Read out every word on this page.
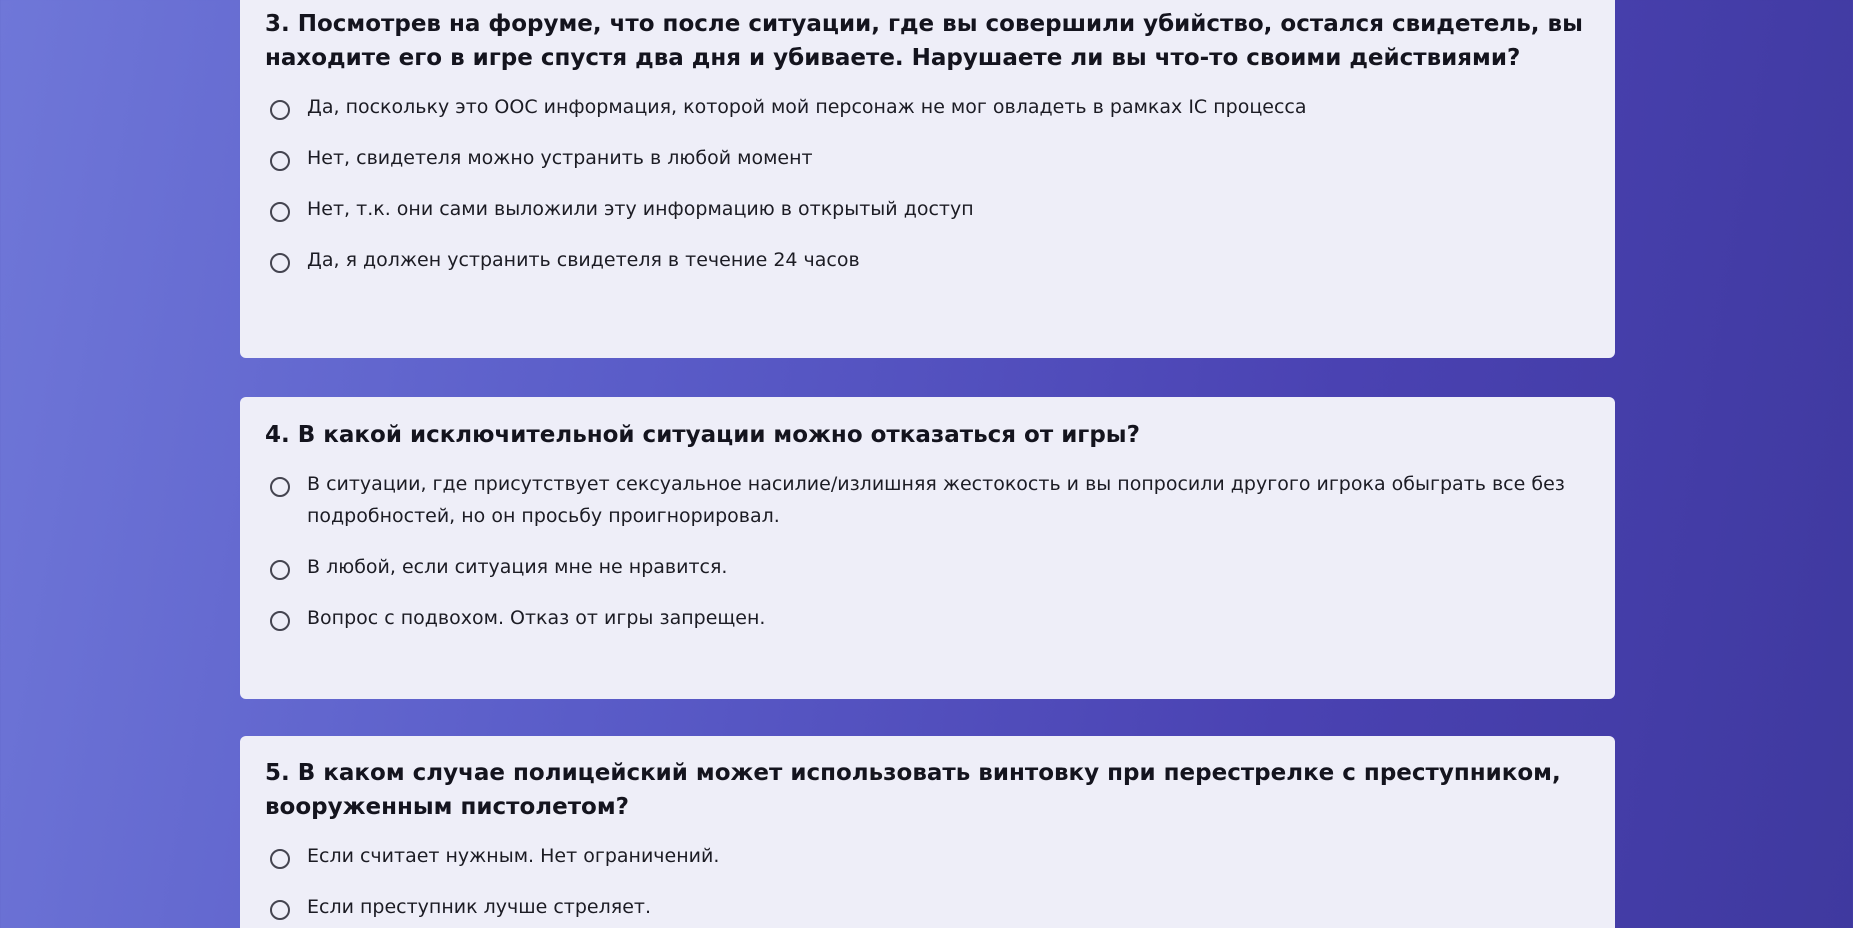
3. Посмотрев на форуме, что после ситуации, где вы совершили убийство, остался свидетель, вы находите его в игре спустя два дня и убиваете. Нарушаете ли вы что-то своими действиями?
Да, поскольку это ООС информация, которой мой персонаж не мог овладеть в рамках IC процесса
Нет, свидетеля можно устранить в любой момент
Нет, т.к. они сами выложили эту информацию в открытый доступ
Да, я должен устранить свидетеля в течение 24 часов
4. В какой исключительной ситуации можно отказаться от игры?
В ситуации, где присутствует сексуальное насилие/излишняя жестокость и вы попросили другого игрока обыграть все без подробностей, но он просьбу проигнорировал.
В любой, если ситуация мне не нравится.
Вопрос с подвохом. Отказ от игры запрещен.
5. В каком случае полицейский может использовать винтовку при перестрелке с преступником, вооруженным пистолетом?
Если считает нужным. Нет ограничений.
Если преступник лучше стреляет.
